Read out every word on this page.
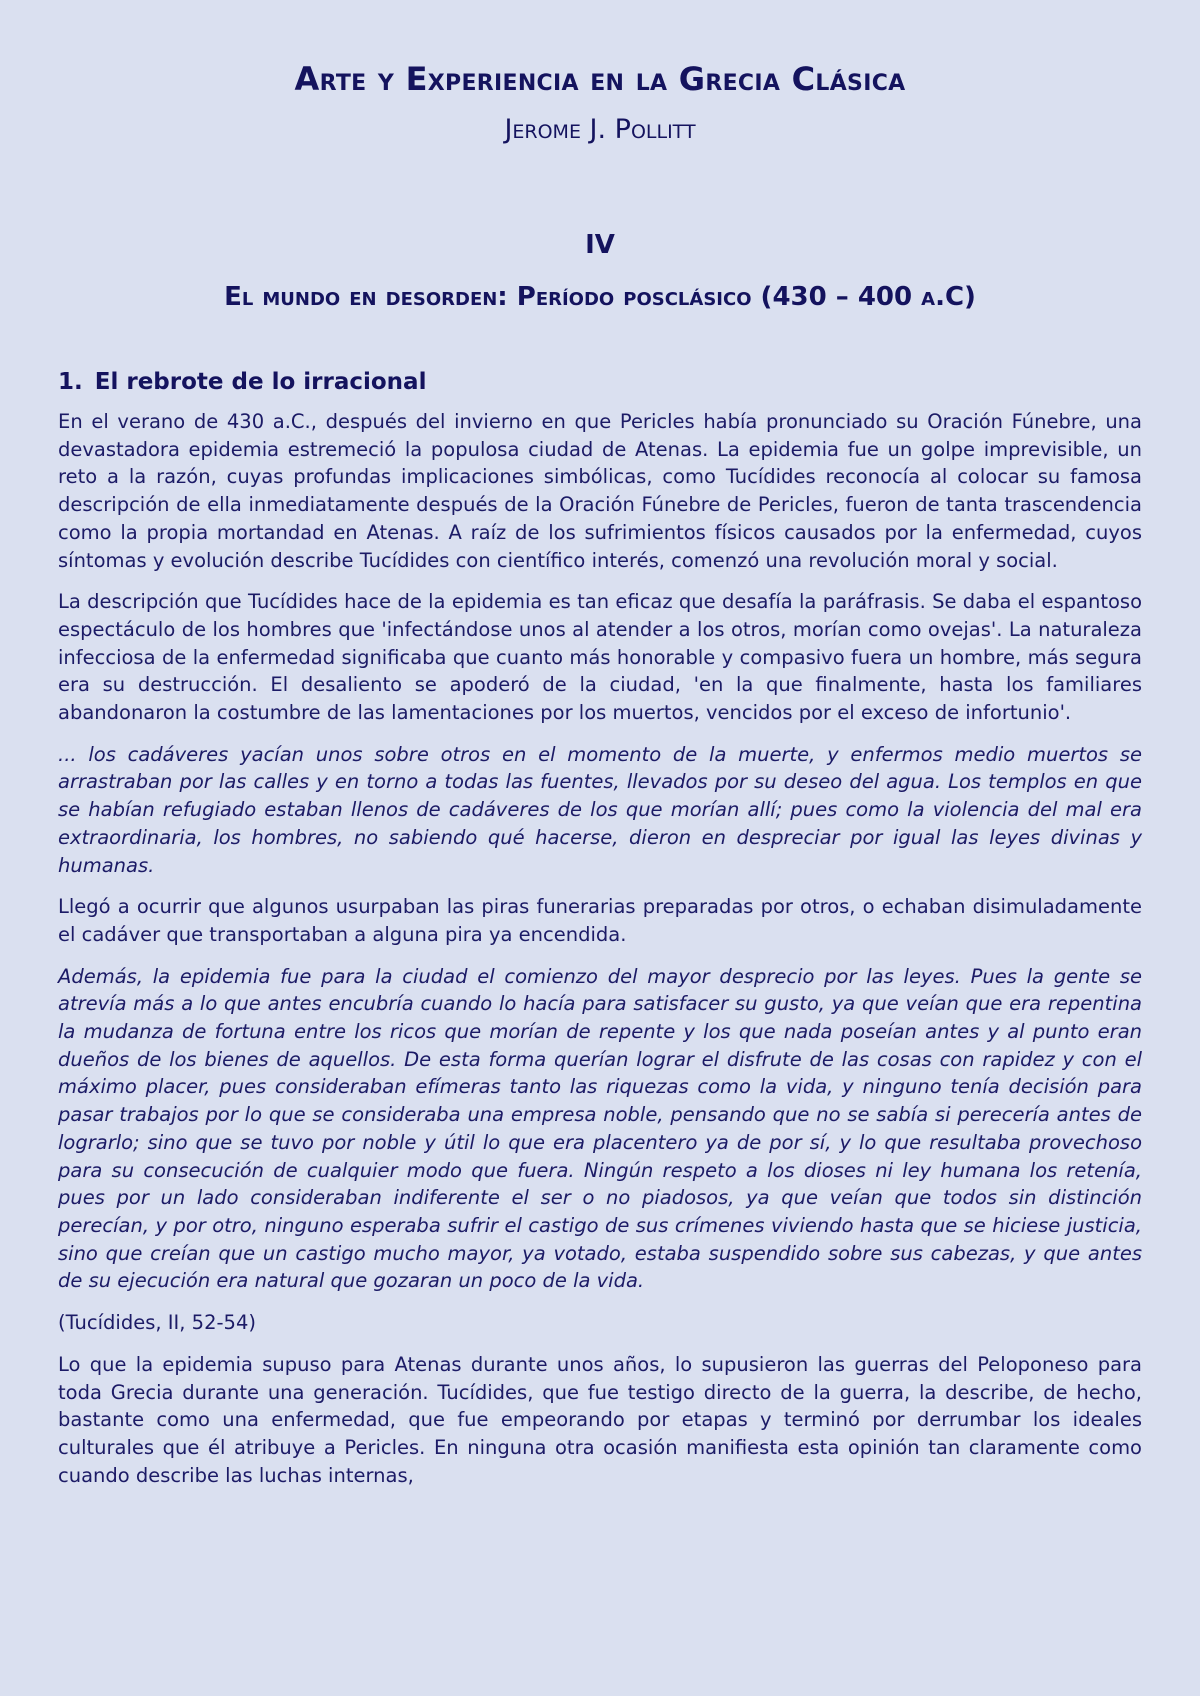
Arte y Experiencia en la Grecia Clásica
Jerome J. Pollitt
IV
El mundo en desorden: Período posclásico (430 – 400 a.C)
1. El rebrote de lo irracional

En el verano de 430 a.C., después del invierno en que Pericles había pronunciado su Oración Fúnebre, una devastadora epidemia estremeció la populosa ciudad de Atenas. La epidemia fue un golpe imprevisible, un reto a la razón, cuyas profundas implicaciones simbólicas, como Tucídides reconocía al colocar su famosa descripción de ella inmediatamente después de la Oración Fúnebre de Pericles, fueron de tanta trascendencia como la propia mortandad en Atenas. A raíz de los sufrimientos físicos causados por la enfermedad, cuyos síntomas y evolución describe Tucídides con científico interés, comenzó una revolución moral y social.

La descripción que Tucídides hace de la epidemia es tan eficaz que desafía la paráfrasis. Se daba el espantoso espectáculo de los hombres que 'infectándose unos al atender a los otros, morían como ovejas'. La naturaleza infecciosa de la enfermedad significaba que cuanto más honorable y compasivo fuera un hombre, más segura era su destrucción. El desaliento se apoderó de la ciudad, 'en la que finalmente, hasta los familiares abandonaron la costumbre de las lamentaciones por los muertos, vencidos por el exceso de infortunio'.

... los cadáveres yacían unos sobre otros en el momento de la muerte, y enfermos medio muertos se arrastraban por las calles y en torno a todas las fuentes, llevados por su deseo del agua. Los templos en que se habían refugiado estaban llenos de cadáveres de los que morían allí; pues como la violencia del mal era extraordinaria, los hombres, no sabiendo qué hacerse, dieron en despreciar por igual las leyes divinas y humanas.

Llegó a ocurrir que algunos usurpaban las piras funerarias preparadas por otros, o echaban disimuladamente el cadáver que transportaban a alguna pira ya encendida.

Además, la epidemia fue para la ciudad el comienzo del mayor desprecio por las leyes. Pues la gente se atrevía más a lo que antes encubría cuando lo hacía para satisfacer su gusto, ya que veían que era repentina la mudanza de fortuna entre los ricos que morían de repente y los que nada poseían antes y al punto eran dueños de los bienes de aquellos. De esta forma querían lograr el disfrute de las cosas con rapidez y con el máximo placer, pues consideraban efímeras tanto las riquezas como la vida, y ninguno tenía decisión para pasar trabajos por lo que se consideraba una empresa noble, pensando que no se sabía si perecería antes de lograrlo; sino que se tuvo por noble y útil lo que era placentero ya de por sí, y lo que resultaba provechoso para su consecución de cualquier modo que fuera. Ningún respeto a los dioses ni ley humana los retenía, pues por un lado consideraban indiferente el ser o no piadosos, ya que veían que todos sin distinción perecían, y por otro, ninguno esperaba sufrir el castigo de sus crímenes viviendo hasta que se hiciese justicia, sino que creían que un castigo mucho mayor, ya votado, estaba suspendido sobre sus cabezas, y que antes de su ejecución era natural que gozaran un poco de la vida.

(Tucídides, II, 52-54)

Lo que la epidemia supuso para Atenas durante unos años, lo supusieron las guerras del Peloponeso para toda Grecia durante una generación. Tucídides, que fue testigo directo de la guerra, la describe, de hecho, bastante como una enfermedad, que fue empeorando por etapas y terminó por derrumbar los ideales culturales que él atribuye a Pericles. En ninguna otra ocasión manifiesta esta opinión tan claramente como cuando describe las luchas internas,
